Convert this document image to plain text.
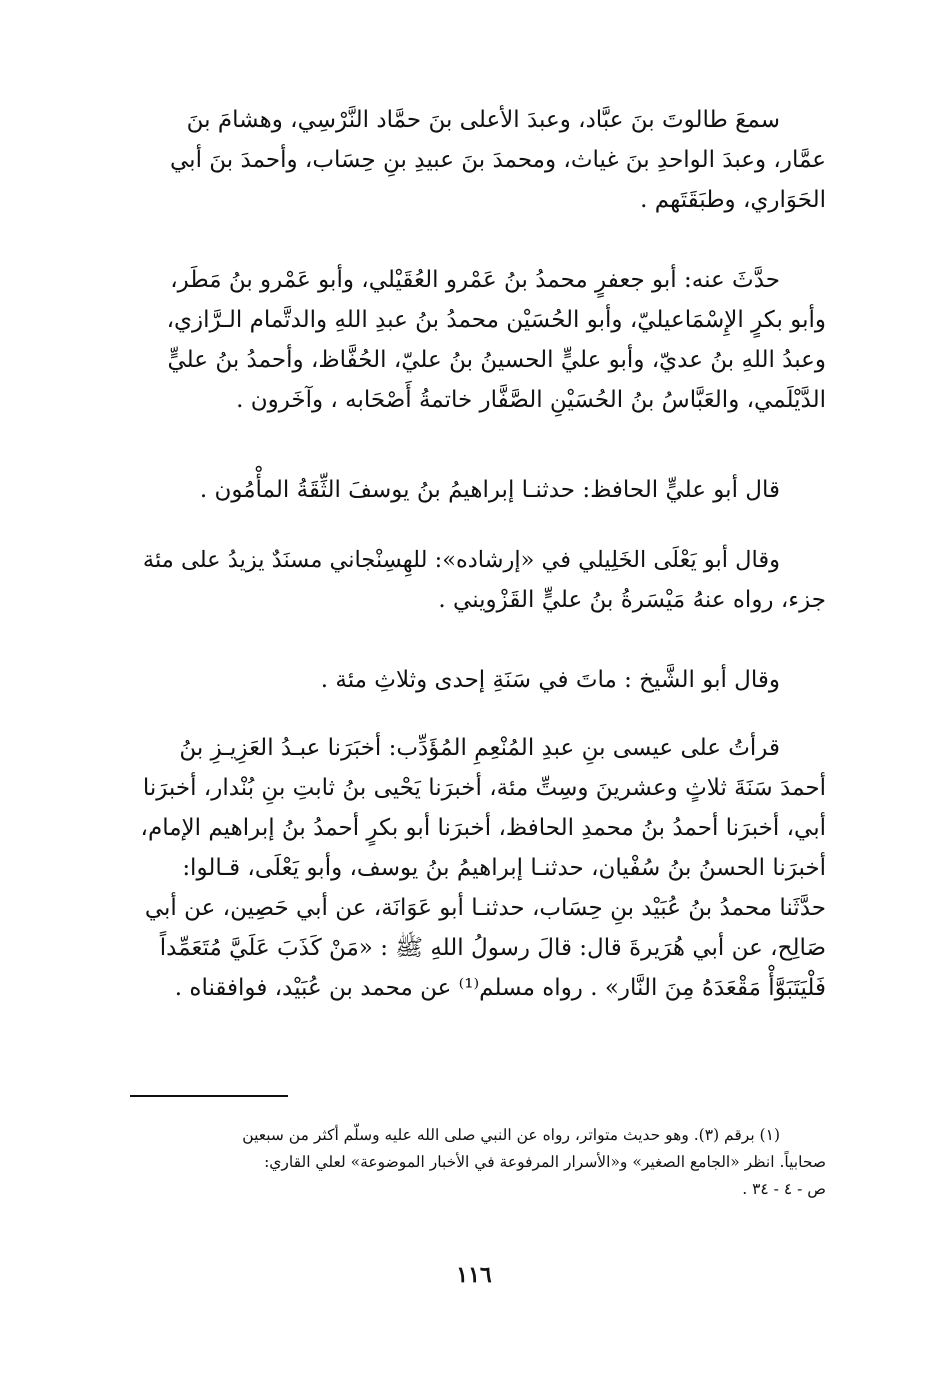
سمعَ طالوتَ بنَ عبَّاد، وعبدَ الأعلى بنَ حمَّاد النَّرْسِي، وهشامَ بنَ
عمَّار، وعبدَ الواحدِ بنَ غياث، ومحمدَ بنَ عبيدِ بنِ حِسَاب، وأحمدَ بنَ أبي
الحَوَاري، وطبَقَتَهم .
حدَّثَ عنه: أبو جعفرٍ محمدُ بنُ عَمْرو العُقَيْلي، وأبو عَمْرو بنُ مَطَر،
وأبو بكرٍ الإِسْمَاعيليّ، وأبو الحُسَيْن محمدُ بنُ عبدِ اللهِ والدتَّمام الـرَّازي،
وعبدُ اللهِ بنُ عديّ، وأبو عليٍّ الحسينُ بنُ عليّ، الحُفَّاظ، وأحمدُ بنُ عليٍّ
الدَّيْلَمي، والعَبَّاسُ بنُ الحُسَيْنِ الصَّفَّار خاتمةُ أَصْحَابه ، وآخَرون .
قال أبو عليٍّ الحافظ: حدثنـا إبراهيمُ بنُ يوسفَ الثِّقَةُ المأْمُون .
وقال أبو يَعْلَى الخَلِيلي في «إرشاده»: للهِسِنْجاني مسنَدٌ يزيدُ على مئة
جزء، رواه عنهُ مَيْسَرةُ بنُ عليٍّ القَزْويني .
وقال أبو الشَّيخ : ماتَ في سَنَةِ إحدى وثلاثِ مئة .
قرأتُ على عيسى بنِ عبدِ المُنْعِمِ المُؤَدِّب: أخبَرَنا عبـدُ العَزِيـزِ بنُ
أحمدَ سَنَةَ ثلاثٍ وعشرينَ وسِتِّ مئة، أخبرَنا يَحْيى بنُ ثابتِ بنِ بُنْدار، أخبرَنا
أبي، أخبرَنا أحمدُ بنُ محمدِ الحافظ، أخبرَنا أبو بكرٍ أحمدُ بنُ إبراهيم الإمام،
أخبرَنا الحسنُ بنُ سُفْيان، حدثنـا إبراهيمُ بنُ يوسف، وأبو يَعْلَى، قـالوا:
حدَّثَنا محمدُ بنُ عُبَيْد بنِ حِسَاب، حدثنـا أبو عَوَانَة، عن أبي حَصِين، عن أبي
صَالِح، عن أبي هُرَيرةَ قال: قالَ رسولُ اللهِ ﷺ : «مَنْ كَذَبَ عَلَيَّ مُتَعَمِّداً
فَلْيَتَبَوَّأْ مَقْعَدَهُ مِنَ النَّار» . رواه مسلم⁽¹⁾ عن محمد بن عُبَيْد، فوافقناه .
(١) برقم (٣). وهو حديث متواتر، رواه عن النبي صلى الله عليه وسلّم أكثر من سبعين
صحابياً. انظر «الجامع الصغير» و«الأسرار المرفوعة في الأخبار الموضوعة» لعلي القاري:
ص - ٤ - ٣٤ .
١١٦
